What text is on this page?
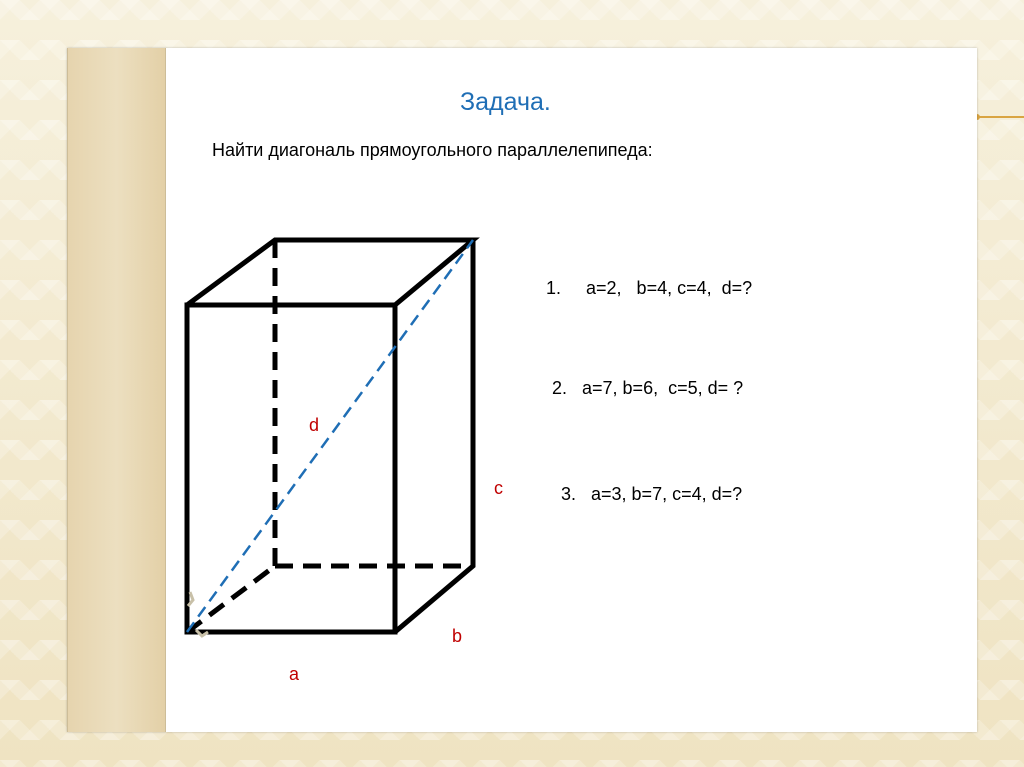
Задача.
Найти диагональ прямоугольного параллелепипеда:
1.     a=2,   b=4, c=4,  d=?
2.   a=7, b=6,  c=5, d= ?
3.   a=3, b=7, c=4, d=?
d
c
b
a
